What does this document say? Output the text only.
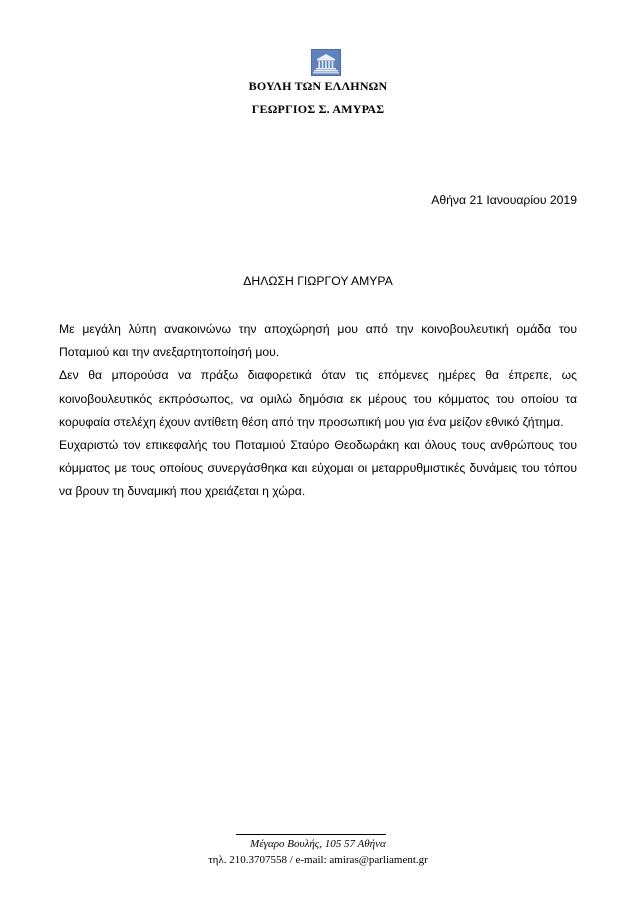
ΒΟΥΛΗ ΤΩΝ ΕΛΛΗΝΩΝ
ΓΕΩΡΓΙΟΣ Σ. ΑΜΥΡΑΣ
Αθήνα 21 Ιανουαρίου 2019
ΔΗΛΩΣΗ ΓΙΩΡΓΟΥ ΑΜΥΡΑ

Με μεγάλη λύπη ανακοινώνω την αποχώρησή μου από την κοινοβουλευτική ομάδα του Ποταμιού και την ανεξαρτητοποίησή μου.

Δεν θα μπορούσα να πράξω διαφορετικά όταν τις επόμενες ημέρες θα έπρεπε, ως κοινοβουλευτικός εκπρόσωπος, να ομιλώ δημόσια εκ μέρους του κόμματος του οποίου τα κορυφαία στελέχη έχουν αντίθετη θέση από την προσωπική μου για ένα μείζον εθνικό ζήτημα.

Ευχαριστώ τον επικεφαλής του Ποταμιού Σταύρο Θεοδωράκη και όλους τους ανθρώπους του κόμματος με τους οποίους συνεργάσθηκα και εύχομαι οι μεταρρυθμιστικές δυνάμεις του τόπου να βρουν τη δυναμική που χρειάζεται η χώρα.

Μέγαρο Βουλής, 105 57 Αθήνα
τηλ. 210.3707558 / e-mail: amiras@parliament.gr
